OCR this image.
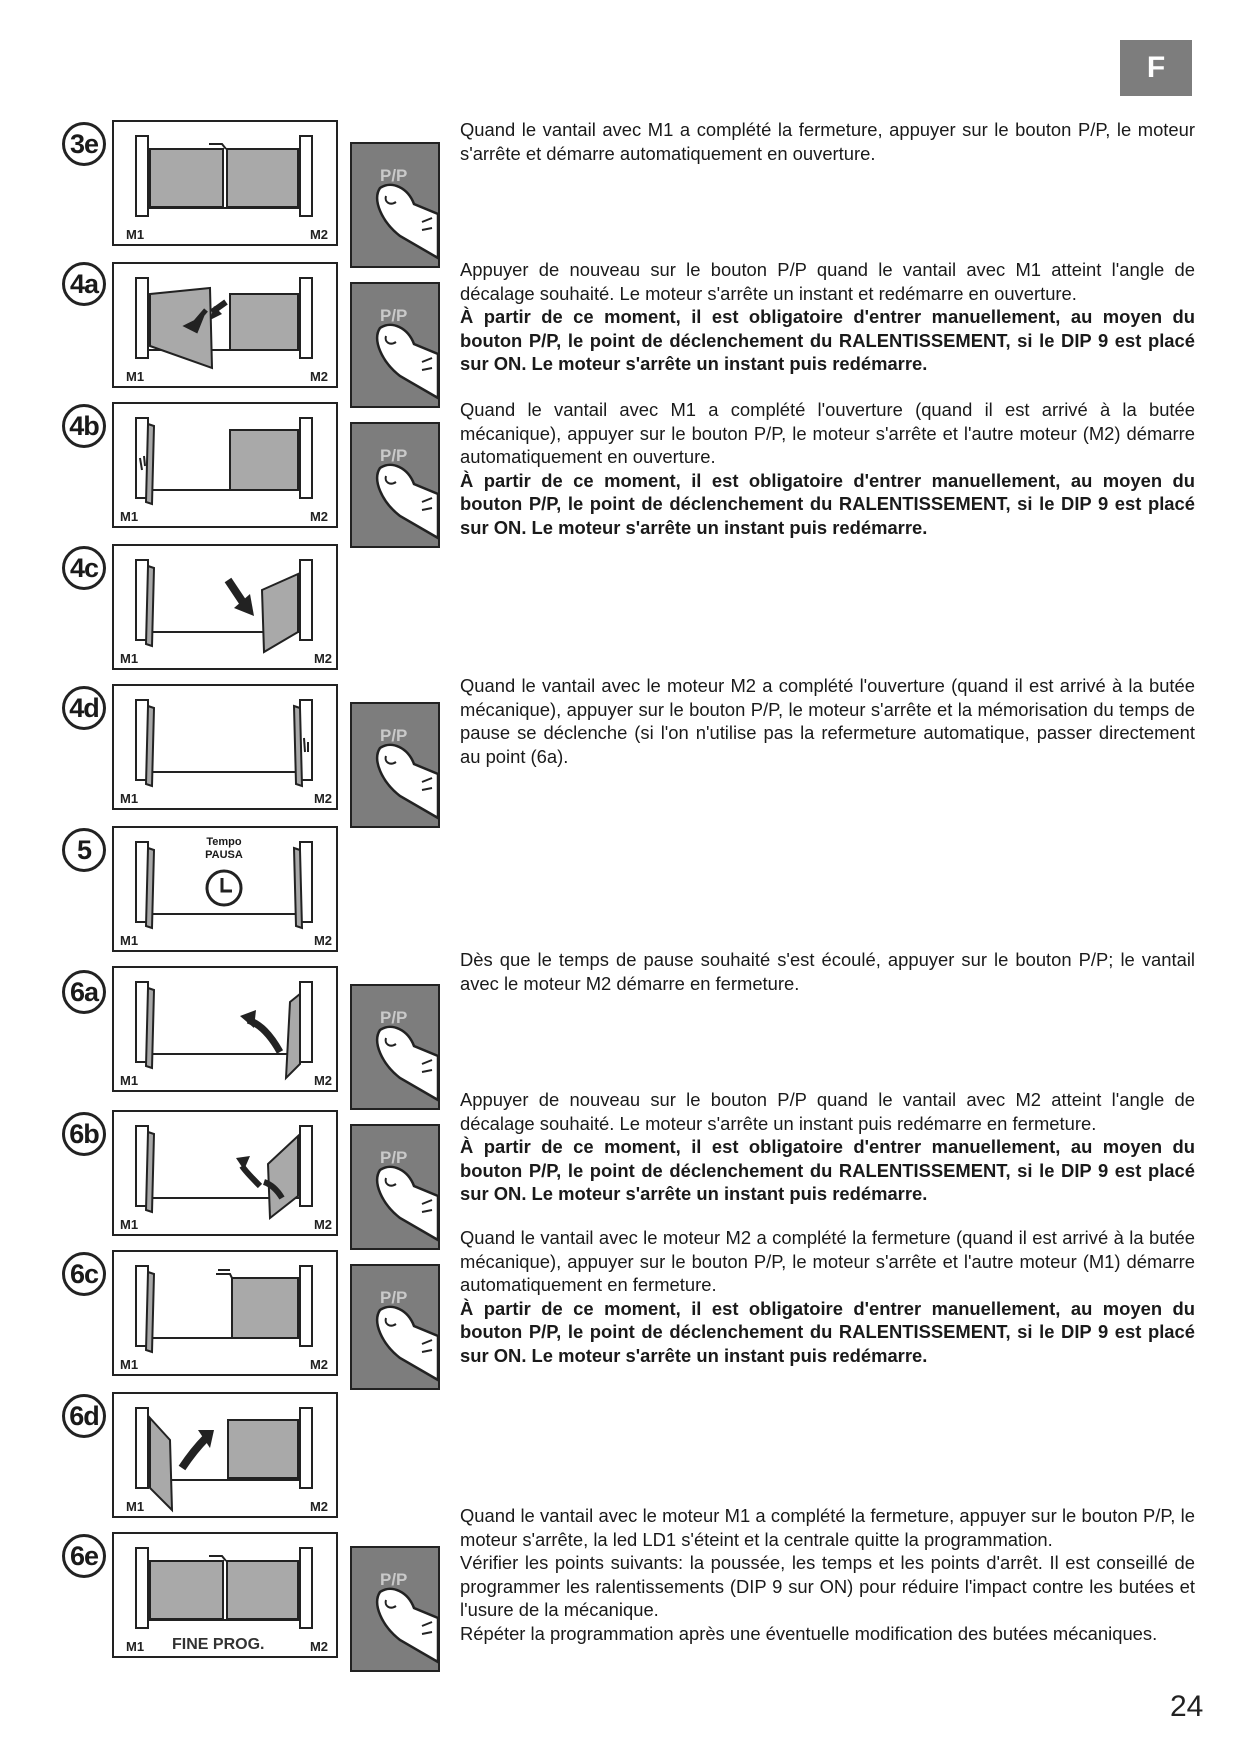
F
3e
M1	M2
P/P

Quand le vantail avec M1 a complété la fermeture, appuyer sur le bouton P/P, le moteur s'arrête et démarre automatiquement en ouverture.

4a
M1	M2
P/P

Appuyer de nouveau sur le bouton P/P quand le vantail avec M1 atteint l'angle de décalage souhaité. Le moteur s'arrête un instant et redémarre en ouverture.

À partir de ce moment, il est obligatoire d'entrer manuellement, au moyen du bouton P/P, le point de déclenchement du RALENTISSEMENT, si le DIP 9 est placé sur ON. Le moteur s'arrête un instant puis redémarre.

4b
M1	M2
P/P

Quand le vantail avec M1 a complété l'ouverture (quand il est arrivé à la butée mécanique), appuyer sur le bouton P/P, le moteur s'arrête et l'autre moteur (M2) démarre automatiquement en ouverture.

À partir de ce moment, il est obligatoire d'entrer manuellement, au moyen du bouton P/P, le point de déclenchement du RALENTISSEMENT, si le DIP 9 est placé sur ON. Le moteur s'arrête un instant puis redémarre.

4c
M1	M2
4d
M1	M2
P/P

Quand le vantail avec le moteur M2 a complété l'ouverture (quand il est arrivé à la butée mécanique), appuyer sur le bouton P/P, le moteur s'arrête et la mémorisation du temps de pause se déclenche (si l'on n'utilise pas la refermeture automatique, passer directement au point (6a).

5	Tempo
PAUSA
M1	M2
6a
M1	M2
P/P

Dès que le temps de pause souhaité s'est écoulé, appuyer sur le bouton P/P; le vantail avec le moteur M2 démarre en fermeture.

6b
M1	M2
P/P

Appuyer de nouveau sur le bouton P/P quand le vantail avec M2 atteint l'angle de décalage souhaité. Le moteur s'arrête un instant puis redémarre en fermeture.

À partir de ce moment, il est obligatoire d'entrer manuellement, au moyen du bouton P/P, le point de déclenchement du RALENTISSEMENT, si le DIP 9 est placé sur ON. Le moteur s'arrête un instant puis redémarre.

6c
M1	M2
P/P

Quand le vantail avec le moteur M2 a complété la fermeture (quand il est arrivé à la butée mécanique), appuyer sur le bouton P/P, le moteur s'arrête et l'autre moteur (M1) démarre automatiquement en fermeture.

À partir de ce moment, il est obligatoire d'entrer manuellement, au moyen du bouton P/P, le point de déclenchement du RALENTISSEMENT, si le DIP 9 est placé sur ON. Le moteur s'arrête un instant puis redémarre.

6d
M1	M2
6e
M1 FINE PROG.	M2
P/P

Quand le vantail avec le moteur M1 a complété la fermeture, appuyer sur le bouton P/P, le moteur s'arrête, la led LD1 s'éteint et la centrale quitte la programmation.

Vérifier les points suivants: la poussée, les temps et les points d'arrêt. Il est conseillé de programmer les ralentissements (DIP 9 sur ON) pour réduire l'impact contre les butées et l'usure de la mécanique.

Répéter la programmation après une éventuelle modification des butées mécaniques.

24
